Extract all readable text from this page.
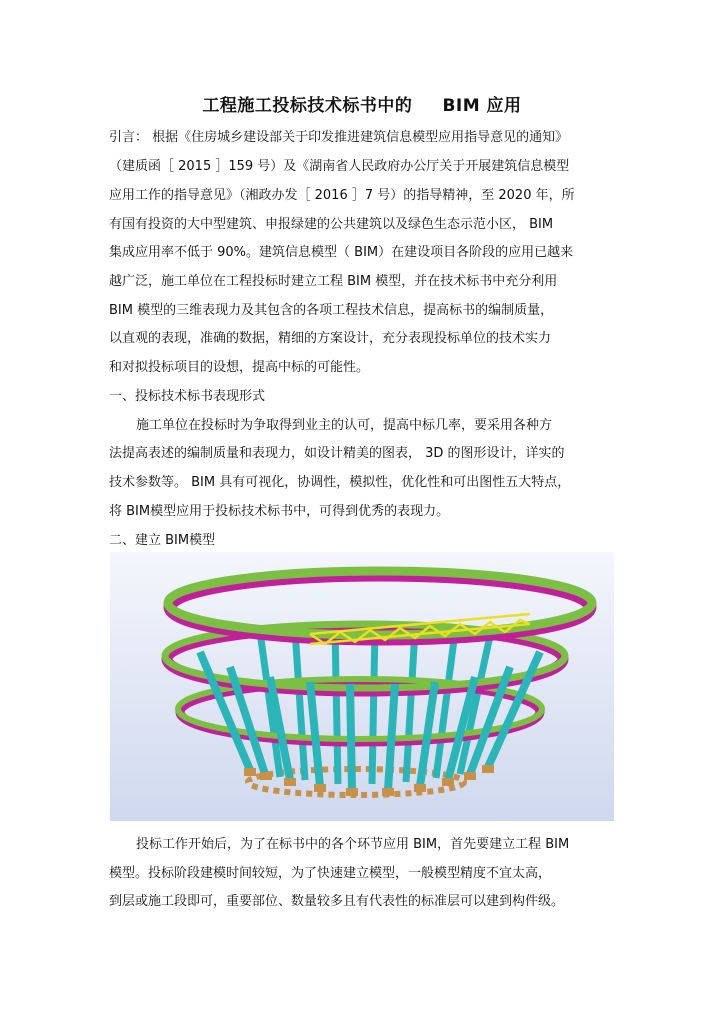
工程施工投标技术标书中的 BIM 应用
引言： 根据《住房城乡建设部关于印发推进建筑信息模型应用指导意见的通知》
（建质函［ 2015 ］159 号）及《湖南省人民政府办公厅关于开展建筑信息模型
应用工作的指导意见》（湘政办发［ 2016 ］7 号）的指导精神，至 2020 年，所
有国有投资的大中型建筑、申报绿建的公共建筑以及绿色生态示范小区， BIM
集成应用率不低于 90%。建筑信息模型（ BIM）在建设项目各阶段的应用已越来
越广泛，施工单位在工程投标时建立工程 BIM 模型，并在技术标书中充分利用
BIM 模型的三维表现力及其包含的各项工程技术信息，提高标书的编制质量，
以直观的表现，准确的数据，精细的方案设计，充分表现投标单位的技术实力
和对拟投标项目的设想，提高中标的可能性。
一、投标技术标书表现形式
施工单位在投标时为争取得到业主的认可，提高中标几率，要采用各种方
法提高表述的编制质量和表现力，如设计精美的图表， 3D 的图形设计，详实的
技术参数等。 BIM 具有可视化，协调性，模拟性，优化性和可出图性五大特点，
将 BIM模型应用于投标技术标书中，可得到优秀的表现力。
二、建立 BIM模型
投标工作开始后，为了在标书中的各个环节应用 BIM，首先要建立工程 BIM
模型。投标阶段建模时间较短，为了快速建立模型，一般模型精度不宜太高，
到层或施工段即可，重要部位、数量较多且有代表性的标准层可以建到构件级。
